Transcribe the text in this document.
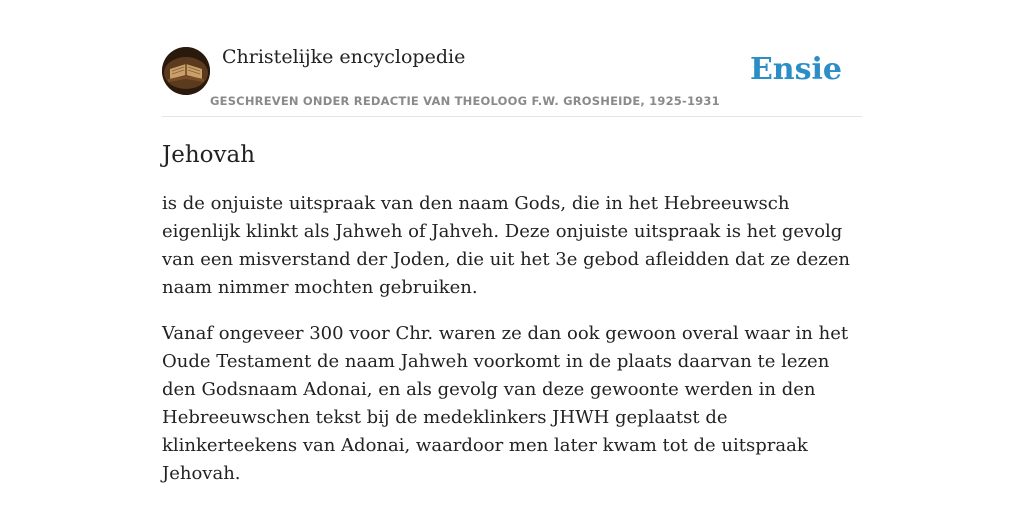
Christelijke encyclopedie
GESCHREVEN ONDER REDACTIE VAN THEOLOOG F.W. GROSHEIDE, 1925-1931
Ensie
Jehovah

is de onjuiste uitspraak van den naam Gods, die in het Hebreeuwsch eigenlijk klinkt als Jahweh of Jahveh. Deze onjuiste uitspraak is het gevolg van een misverstand der Joden, die uit het 3e gebod afleidden dat ze dezen naam nimmer mochten gebruiken.

Vanaf ongeveer 300 voor Chr. waren ze dan ook gewoon overal waar in het Oude Testament de naam Jahweh voorkomt in de plaats daarvan te lezen den Godsnaam Adonai, en als gevolg van deze gewoonte werden in den Hebreeuwschen tekst bij de medeklinkers JHWH geplaatst de klinkerteekens van Adonai, waardoor men later kwam tot de uitspraak Jehovah.
